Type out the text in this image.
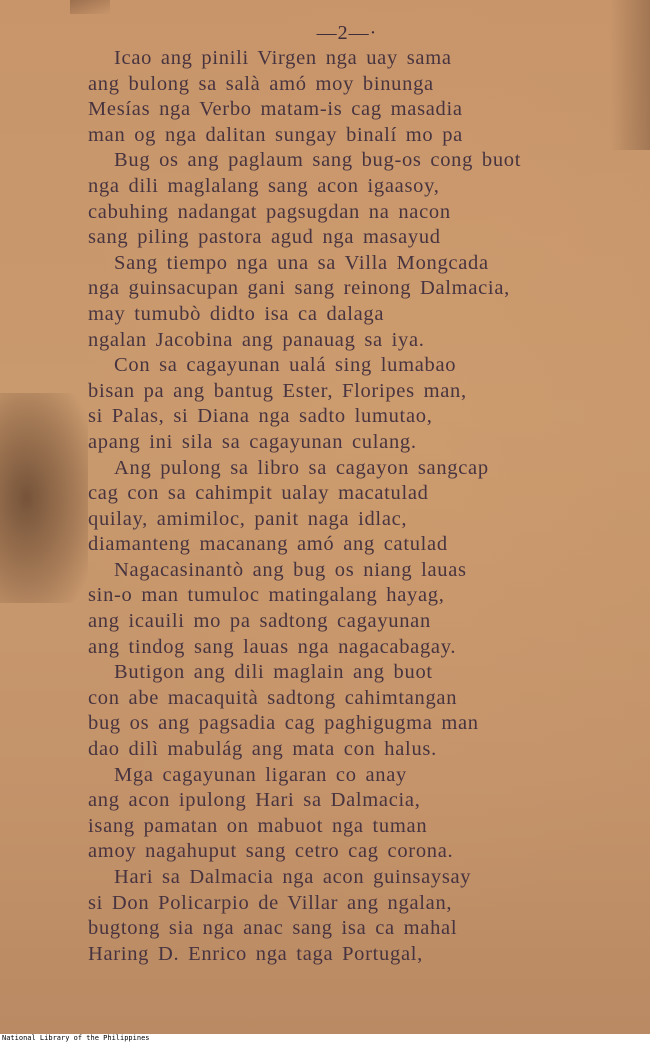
—2—·
Icao ang pinili Virgen nga uay sama
ang bulong sa salà amó moy binunga
Mesías nga Verbo matam-is cag masadia
man og nga dalitan sungay binalí mo pa
Bug os ang paglaum sang bug-os cong buot
nga dili maglalang sang acon igaasoy,
cabuhing nadangat pagsugdan na nacon
sang piling pastora agud nga masayud
Sang tiempo nga una sa Villa Mongcada
nga guinsacupan gani sang reinong Dalmacia,
may tumubò didto isa ca dalaga
ngalan Jacobina ang panauag sa iya.
Con sa cagayunan ualá sing lumabao
bisan pa ang bantug Ester, Floripes man,
si Palas, si Diana nga sadto lumutao,
apang ini sila sa cagayunan culang.
Ang pulong sa libro sa cagayon sangcap
cag con sa cahimpit ualay macatulad
quilay, amimiloc, panit naga idlac,
diamanteng macanang amó ang catulad
Nagacasinantò ang bug os niang lauas
sin-o man tumuloc matingalang hayag,
ang icauili mo pa sadtong cagayunan
ang tindog sang lauas nga nagacabagay.
Butigon ang dili maglain ang buot
con abe macaquità sadtong cahimtangan
bug os ang pagsadia cag paghigugma man
dao dilì mabulág ang mata con halus.
Mga cagayunan ligaran co anay
ang acon ipulong Hari sa Dalmacia,
isang pamatan on mabuot nga tuman
amoy nagahuput sang cetro cag corona.
Hari sa Dalmacia nga acon guinsaysay
si Don Policarpio de Villar ang ngalan,
bugtong sia nga anac sang isa ca mahal
Haring D. Enrico nga taga Portugal,
National Library of the Philippines
